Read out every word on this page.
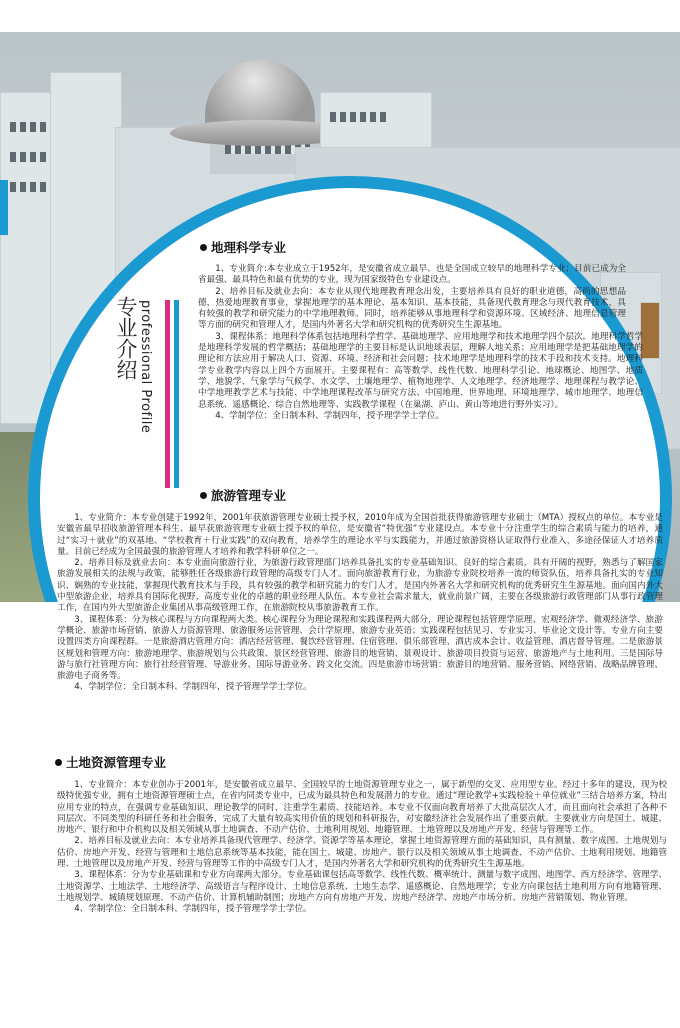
专业介绍 professional Profile
地理科学专业

1、专业简介:本专业成立于1952年，是安徽省成立最早、也是全国成立较早的地理科学专业；目前已成为全省最强、最具特色和最有优势的专业，现为国家级特色专业建设点。

2、培养目标及就业去向：本专业从现代地理教育理念出发，主要培养具有良好的职业道德，高尚的思想品德，热爱地理教育事业，掌握地理学的基本理论、基本知识、基本技能，具备现代教育理念与现代教育技术，具有较强的教学和研究能力的中学地理教师。同时，培养能够从事地理科学和资源环境、区域经济、地理信息管理等方面的研究和管理人才，是国内外著名大学和研究机构的优秀研究生生源基地。

3、课程体系：地理科学体系包括地理科学哲学、基础地理学、应用地理学和技术地理学四个层次。地理科学哲学是地理科学发展的哲学概括；基础地理学的主要目标是认识地球表层，理解人地关系；应用地理学是把基础地理学的理论和方法应用于解决人口、资源、环境、经济和社会问题；技术地理学是地理科学的技术手段和技术支持。地理科学专业教学内容以上四个方面展开。主要课程有：高等数学、线性代数、地理科学引论、地球概论、地图学、地质学、地貌学、气象学与气候学、水文学、土壤地理学、植物地理学、人文地理学、经济地理学、地理课程与教学论、中学地理教学艺术与技能、中学地理课程改革与研究方法、中国地理、世界地理、环境地理学、城市地理学、地理信息系统、遥感概论、综合自然地理等、实践教学课程（在巢湖、庐山、黄山等地进行野外实习）。

4、学制学位：全日制本科、学制四年，授予理学学士学位。

旅游管理专业

1、专业简介：本专业创建于1992年，2001年获旅游管理专业硕士授予权，2010年成为全国首批获得旅游管理专业硕士（MTA）授权点的单位。本专业是安徽省最早招收旅游管理本科生、最早获旅游管理专业硕士授予权的单位，是安徽省“特优强”专业建设点。本专业十分注重学生的综合素质与能力的培养，通过“实习＋就业”的双基地、“学校教育＋行业实践”的双向教育，培养学生的理论水平与实践能力，并通过旅游资格认证取得行业准入，多途径保证人才培养质量。目前已经成为全国最强的旅游管理人才培养和教学科研单位之一。

2、培养目标及就业去向：本专业面向旅游行业，为旅游行政管理部门培养具备扎实的专业基础知识、良好的综合素质，具有开阔的视野，熟悉与了解国家旅游发展相关的法规与政策，能够胜任各级旅游行政管理的高级专门人才。面向旅游教育行业，为旅游专业院校培养一流的师资队伍，培养具备扎实的专业知识、娴熟的专业技能，掌握现代教育技术与手段，具有较强的教学和研究能力的专门人才，是国内外著名大学和研究机构的优秀研究生生源基地。面向国内外大中型旅游企业，培养具有国际化视野、高度专业化的卓越的职业经理人队伍。本专业社会需求量大，就业前景广阔，主要在各级旅游行政管理部门从事行政管理工作，在国内外大型旅游企业集团从事高级管理工作，在旅游院校从事旅游教育工作。

3、课程体系：分为核心课程与方向课程两大类。核心课程分为理论课程和实践课程两大部分，理论课程包括管理学原理、宏观经济学、微观经济学、旅游学概论、旅游市场营销、旅游人力资源管理、旅游服务运营管理、会计学原理、旅游专业英语；实践课程包括见习、专业实习、毕业论文设计等。专业方向主要设置四类方向课程群。一是旅游酒店管理方向：酒店经营管理、餐饮经营管理、住宿管理、俱乐部管理、酒店成本会计、收益管理、酒店督导管理。二是旅游景区规划和管理方向：旅游地理学、旅游规划与公共政策、景区经营管理、旅游目的地营销、景观设计、旅游项目投资与运营、旅游地产与土地利用。三是国际导游与旅行社管理方向：旅行社经营管理、导游业务、国际导游业务、跨文化交流。四是旅游市场营销：旅游目的地营销、服务营销、网络营销、战略品牌管理、旅游电子商务等。

4、学制学位：全日制本科、学制四年，授予管理学学士学位。

土地资源管理专业

1、专业简介：本专业创办于2001年，是安徽省成立最早、全国较早的土地资源管理专业之一，属于新型的交叉、应用型专业。经过十多年的建设，现为校级特优强专业，拥有土地资源管理硕士点，在省内同类专业中，已成为最具特色和发展潜力的专业。通过“理论教学+实践检验＋单位就业”三结合培养方案，特出应用专业的特点，在强调专业基础知识、理论教学的同时，注重学生素质、技能培养。本专业不仅面向教育培养了大批高层次人才，而且面向社会承担了各种不同层次、不同类型的科研任务和社会服务，完成了大量有较高实用价值的规划和科研报告，对安徽经济社会发展作出了重要贡献。主要就业方向是国土、城建、房地产、银行和中介机构以及相关领域从事土地调查、不动产估价、土地利用规划、地籍管理、土地管理以及房地产开发、经营与管理等工作。

2、培养目标及就业去向：本专业培养具备现代管理学、经济学、资源学等基本理论，掌握土地资源管理方面的基础知识，具有测量、数字成图、土地规划与估价、房地产开发、经营与管理和土地信息系统等基本技能，能在国土、城建、房地产、银行以及相关领域从事土地调查、不动产估价、土地利用规划、地籍管理、土地管理以及房地产开发、经营与管理等工作的中高级专门人才，是国内外著名大学和研究机构的优秀研究生生源基地。

3、课程体系：分为专业基础课和专业方向课两大部分。专业基础课包括高等数学、线性代数、概率统计、测量与数字成图、地图学、西方经济学、管理学、土地资源学、土地法学、土地经济学、高级语言与程序设计、土地信息系统、土地生态学、遥感概论、自然地理学；专业方向课包括土地利用方向有地籍管理、土地规划学、城镇规划原理、不动产估价、计算机辅助制图；房地产方向有房地产开发、房地产经济学、房地产市场分析、房地产营销策划、物业管理。

4、学制学位：全日制本科、学制四年，授予管理学学士学位。
